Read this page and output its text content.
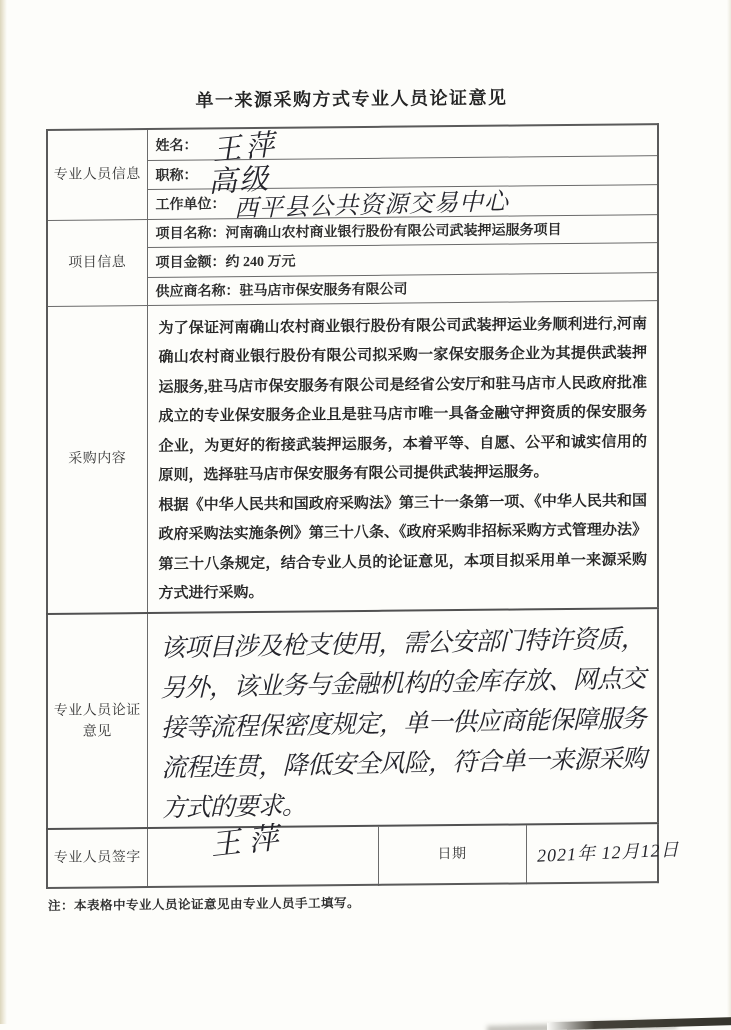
单一来源采购方式专业人员论证意见
专业人员信息	姓名： 王萍		

	职称： 高级		

	工作单位： 西平县公共资源交易中心		

项目信息	项目名称：河南确山农村商业银行股份有限公司武装押运服务项目		
	项目金额：约 240 万元		
	供应商名称：驻马店市保安服务有限公司		
采购内容	为了保证河南确山农村商业银行股份有限公司武装押运业务顺利进行,河南确山农村商业银行股份有限公司拟采购一家保安服务企业为其提供武装押运服务,驻马店市保安服务有限公司是经省公安厅和驻马店市人民政府批准成立的专业保安服务企业且是驻马店市唯一具备金融守押资质的保安服务企业，为更好的衔接武装押运服务，本着平等、自愿、公平和诚实信用的原则，选择驻马店市保安服务有限公司提供武装押运服务。

根据《中华人民共和国政府采购法》第三十一条第一项、《中华人民共和国政府采购法实施条例》第三十八条、《政府采购非招标采购方式管理办法》第三十八条规定，结合专业人员的论证意见，本项目拟采用单一来源采购方式进行采购。		

专业人员论证
意见	该项目涉及枪支使用，需公安部门特许资质，另外，该业务与金融机构的金库存放、网点交接等流程保密度规定，单一供应商能保障服务流程连贯，降低安全风险，符合单一来源采购方式的要求。		

专业人员签字	王萍	日期	2021年 12月12日
注：本表格中专业人员论证意见由专业人员手工填写。
